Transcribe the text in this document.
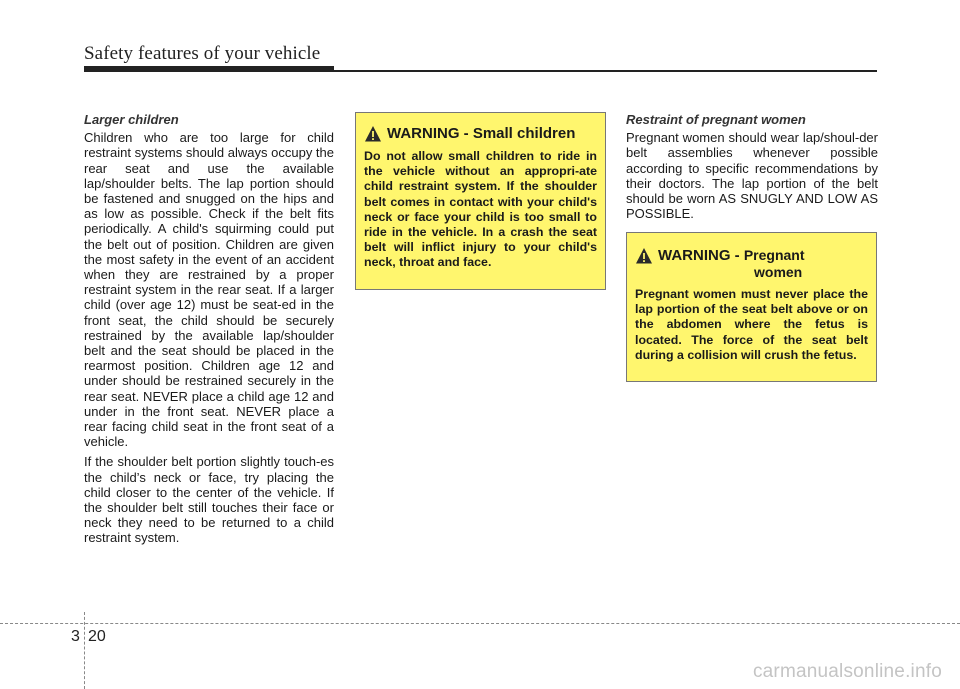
Safety features of your vehicle
Larger children

Children who are too large for child restraint systems should always occupy the rear seat and use the available lap/shoulder belts. The lap portion should be fastened and snugged on the hips and as low as possible. Check if the belt fits periodically. A child's squirming could put the belt out of position. Children are given the most safety in the event of an accident when they are restrained by a proper restraint system in the rear seat. If a larger child (over age 12) must be seat-ed in the front seat, the child should be securely restrained by the available lap/shoulder belt and the seat should be placed in the rearmost position. Children age 12 and under should be restrained securely in the rear seat. NEVER place a child age 12 and under in the front seat. NEVER place a rear facing child seat in the front seat of a vehicle.

If the shoulder belt portion slightly touch-es the child’s neck or face, try placing the child closer to the center of the vehicle. If the shoulder belt still touches their face or neck they need to be returned to a child restraint system.

WARNING - Small children

Do not allow small children to ride in the vehicle without an appropri-ate child restraint system. If the shoulder belt comes in contact with your child's neck or face your child is too small to ride in the vehicle. In a crash the seat belt will inflict injury to your child's neck, throat and face.

Restraint of pregnant women

Pregnant women should wear lap/shoul-der belt assemblies whenever possible according to specific recommendations by their doctors. The lap portion of the belt should be worn AS SNUGLY AND LOW AS POSSIBLE.

WARNING - Pregnant
women

Pregnant women must never place the lap portion of the seat belt above or on the abdomen where the fetus is located. The force of the seat belt during a collision will crush the fetus.

3 20
carmanualsonline.info
